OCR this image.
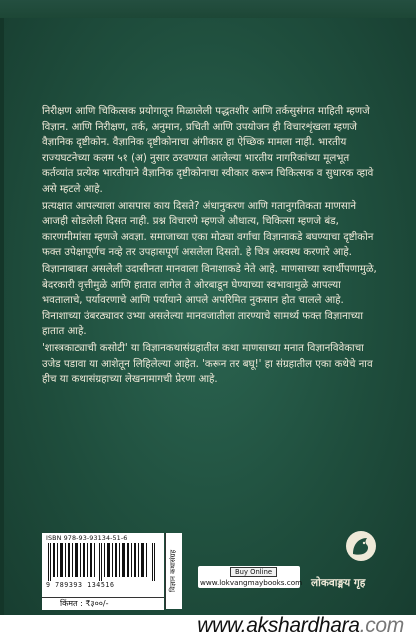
निरीक्षण आणि चिकित्सक प्रयोगातून मिळालेली पद्धतशीर आणि तर्कसुसंगत माहिती म्हणजे विज्ञान. आणि निरीक्षण, तर्क, अनुमान, प्रचिती आणि उपयोजन ही विचारशृंखला म्हणजे वैज्ञानिक दृष्टीकोन. वैज्ञानिक दृष्टीकोनाचा अंगीकार हा ऐच्छिक मामला नाही. भारतीय राज्यघटनेच्या कलम ५१ (अ) नुसार ठरवण्यात आलेल्या भारतीय नागरिकांच्या मूलभूत कर्तव्यांत प्रत्येक भारतीयाने वैज्ञानिक दृष्टीकोनाचा स्वीकार करून चिकित्सक व सुधारक व्हावे असे म्हटले आहे.

प्रत्यक्षात आपल्याला आसपास काय दिसते? अंधानुकरण आणि गतानुगतिकता माणसाने आजही सोडलेली दिसत नाही. प्रश्न विचारणे म्हणजे औधात्य, चिकित्सा म्हणजे बंड, कारणमीमांसा म्हणजे अवज्ञा. समाजाच्या एका मोठ्या वर्गाचा विज्ञानाकडे बघण्याचा दृष्टीकोन फक्त उपेक्षापूर्णच नव्हे तर उपहासपूर्ण असलेला दिसतो. हे चित्र अस्वस्थ करणारे आहे.

विज्ञानाबाबत असलेली उदासीनता मानवाला विनाशाकडे नेते आहे. माणसाच्या स्वार्थीपणामुळे, बेदरकारी वृत्तीमुळे आणि हातात लागेल ते ओरबाडून घेण्याच्या स्वभावामुळे आपल्या भवतालाचे, पर्यावरणाचे आणि पर्यायाने आपले अपरिमित नुकसान होत चालले आहे. विनाशाच्या उंबरठ्यावर उभ्या असलेल्या मानवजातीला तारण्याचे सामर्थ्य फक्त विज्ञानाच्या हातात आहे.

'शास्त्रकाट्याची कसोटी' या विज्ञानकथासंग्रहातील कथा माणसाच्या मनात विज्ञानविवेकाचा उजेड पडावा या आशेतून लिहिलेल्या आहेत. 'करून तर बघू!' हा संग्रहातील एका कथेचे नाव हीच या कथासंग्रहाच्या लेखनामागची प्रेरणा आहे.

ISBN 978-93-93134-51-6
9 789393 134516
किंमत : ₹३००/-
विज्ञान कथासंग्रह	Buy Online
www.lokvangmaybooks.com लोकवाङ्मय गृह
www.akshardhara.com
